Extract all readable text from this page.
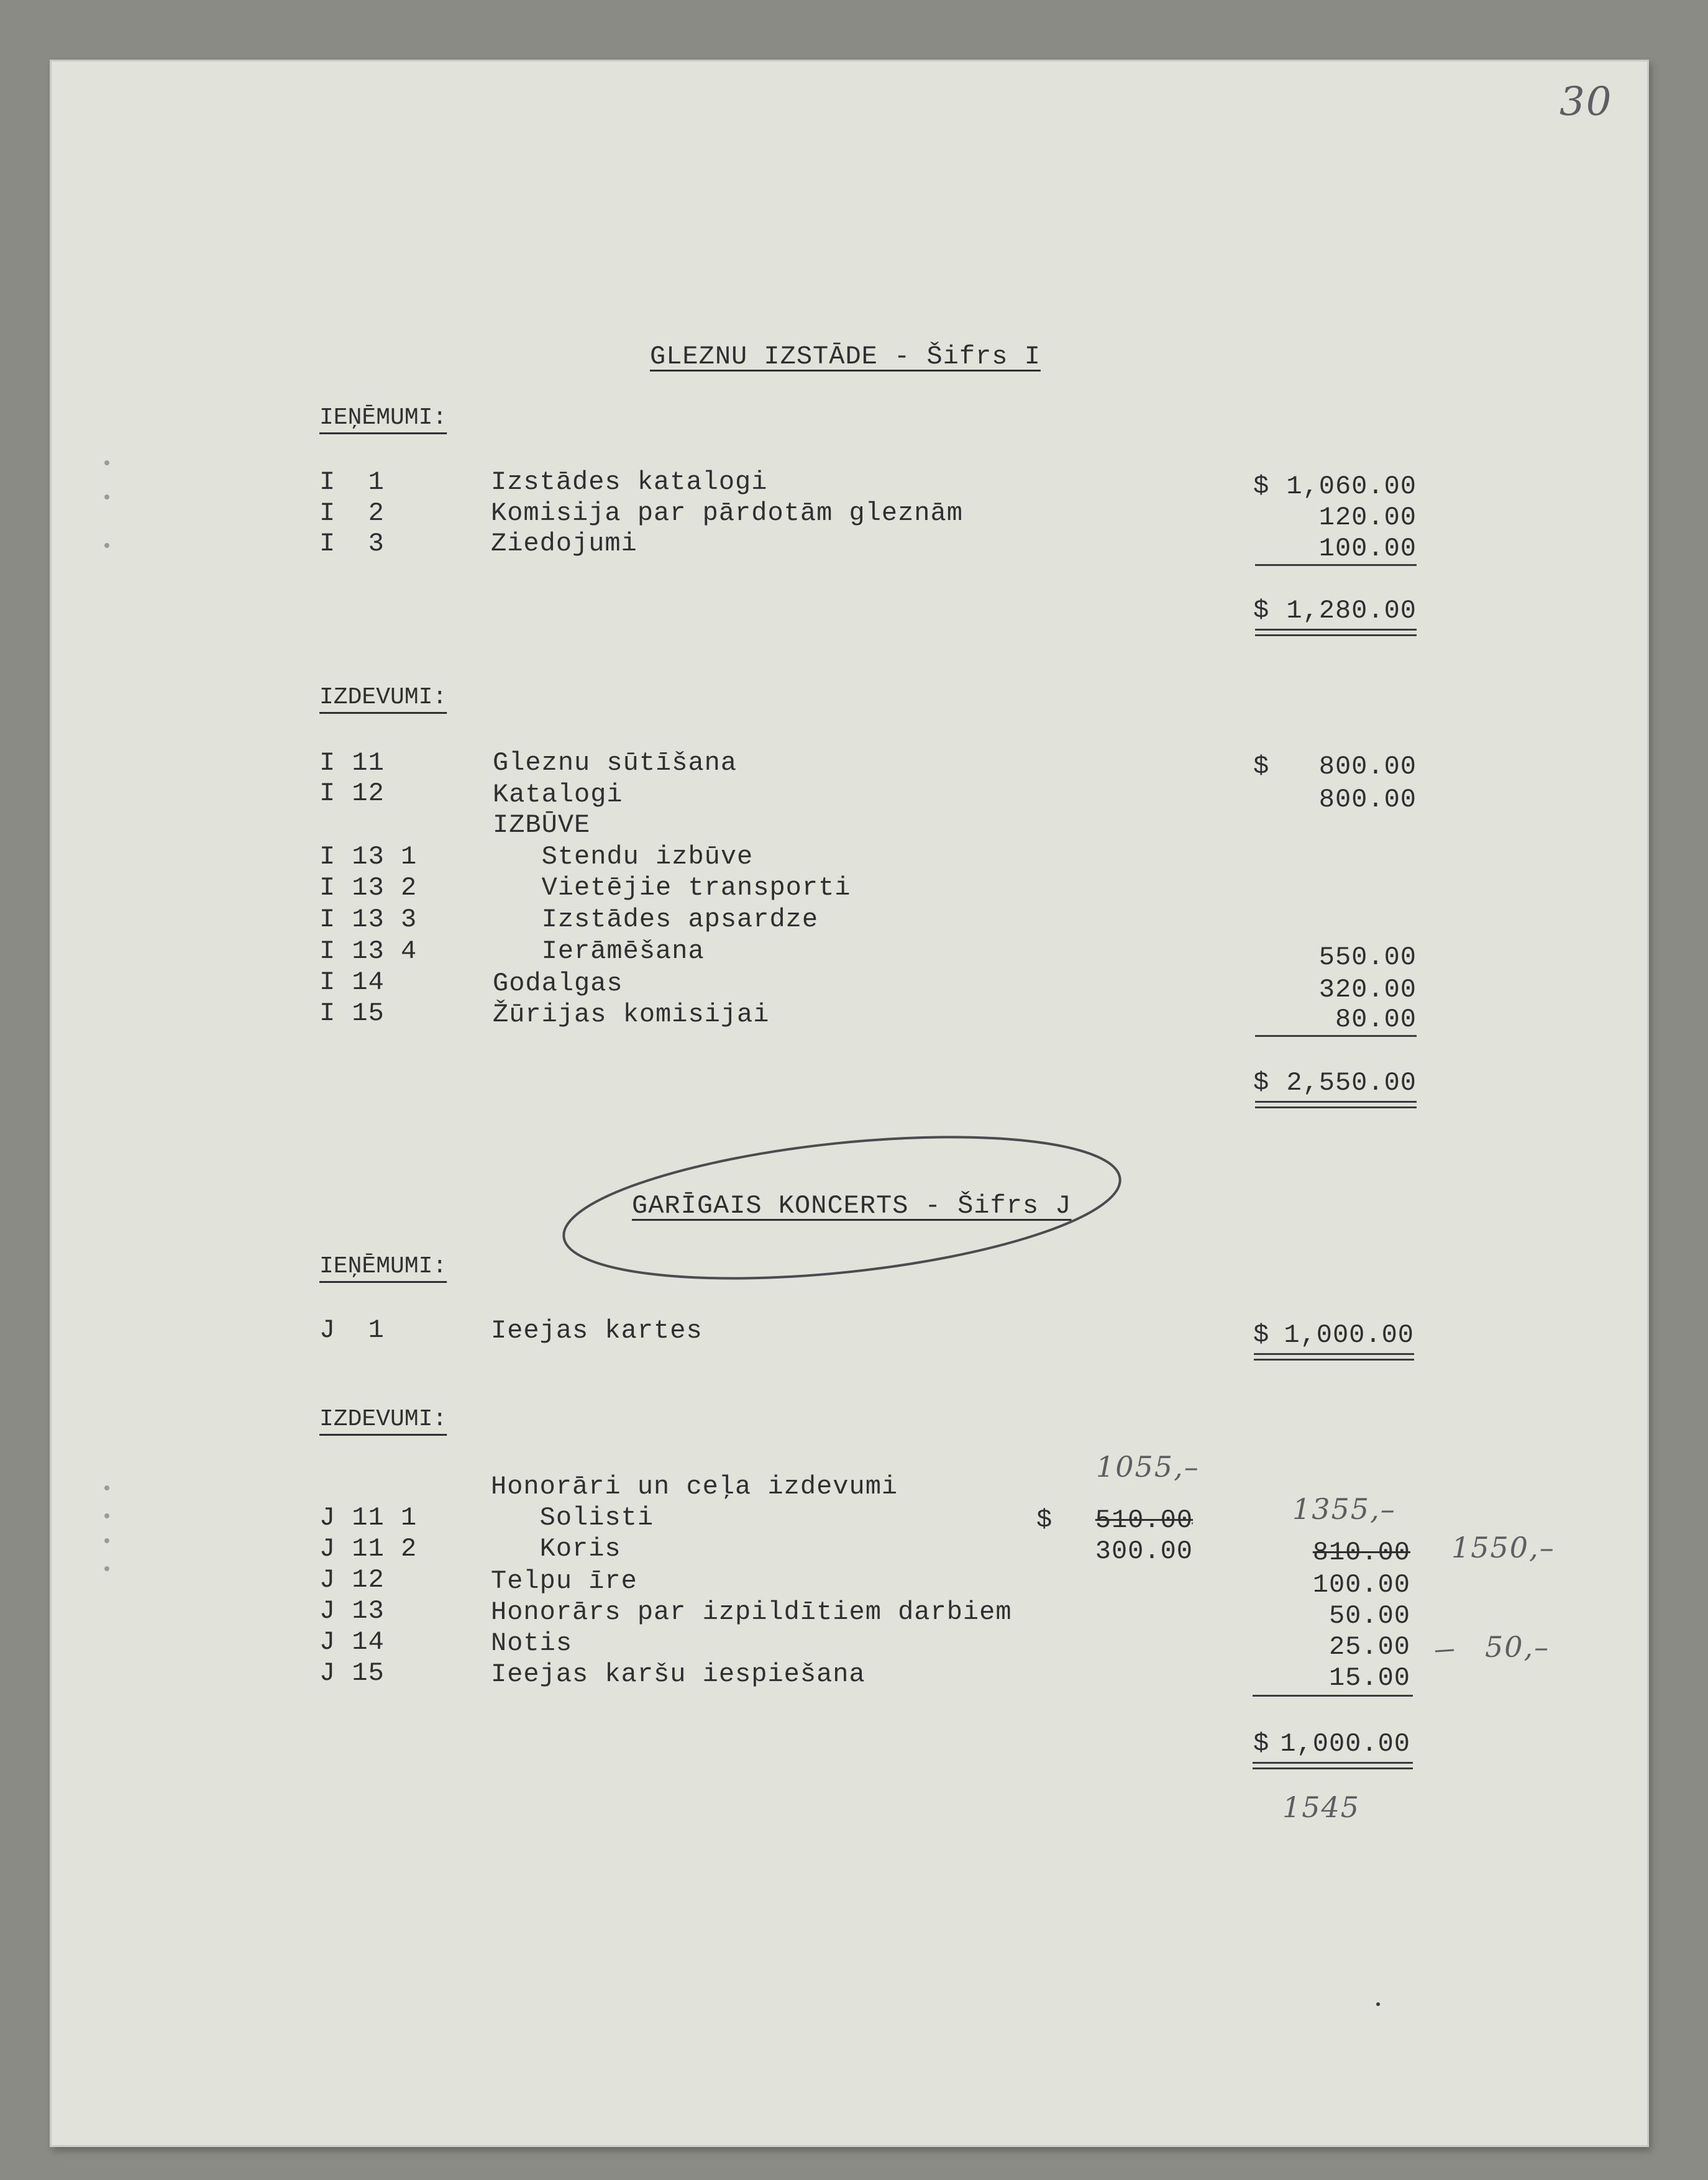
30
GLEZNU IZSTĀDE - Šifrs I
IEŅĒMUMI:
I  1	Izstādes katalogi	$ 1,060.00
I  2	Komisija par pārdotām gleznām	120.00
I  3	Ziedojumi	100.00
$ 1,280.00
IZDEVUMI:
I 11	Gleznu sūtīšana	$	800.00
I 12	Katalogi	800.00
IZBŪVE
I 13 1	Stendu izbūve
I 13 2	Vietējie transporti
I 13 3	Izstādes apsardze
I 13 4	Ierāmēšana	550.00
I 14	Godalgas	320.00
I 15	Žūrijas komisijai	80.00
$ 2,550.00
GARĪGAIS KONCERTS - Šifrs J
IEŅĒMUMI:
J  1	Ieejas kartes	$ 1,000.00
IZDEVUMI:
Honorāri un ceļa izdevumi
J 11 1	Solisti	$	510.00
J 11 2	Koris	300.00	810.00
J 12	Telpu īre	100.00
J 13	Honorārs par izpildītiem darbiem	50.00
J 14	Notis	25.00
J 15	Ieejas karšu iespiešana	15.00
$ 1,000.00
1055,–
1355,–
1550,–
50,–
1545
